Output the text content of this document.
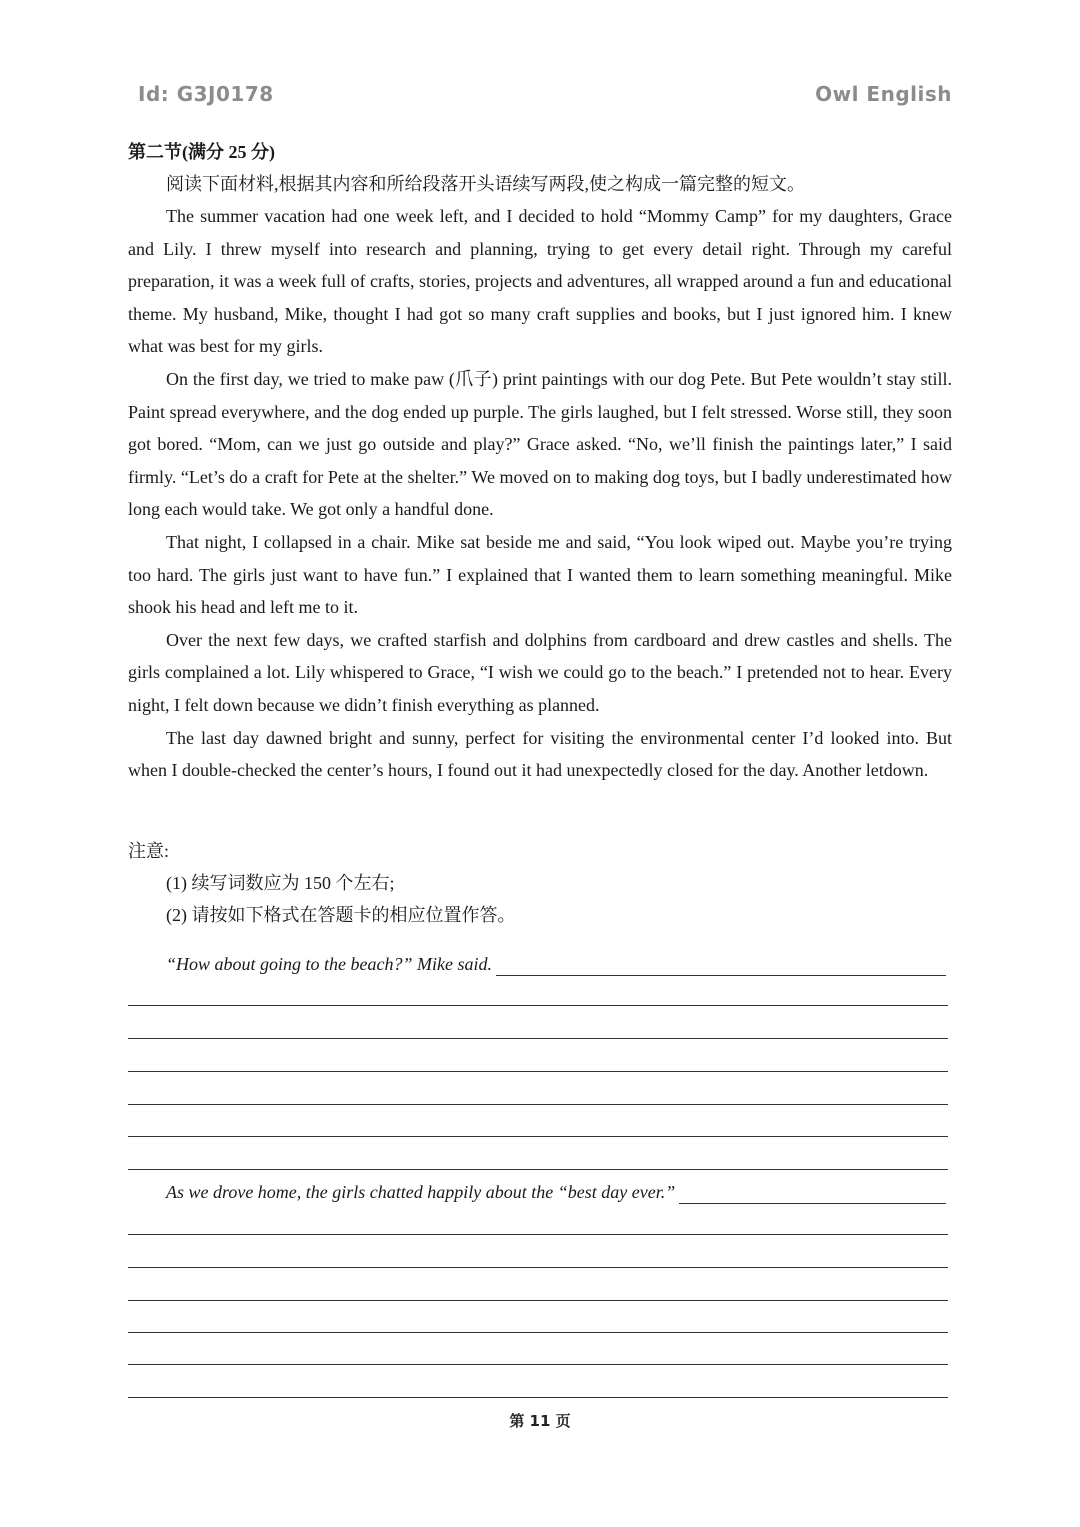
Id: G3J0178	Owl English

第二节(满分 25 分)

阅读下面材料,根据其内容和所给段落开头语续写两段,使之构成一篇完整的短文。

The summer vacation had one week left, and I decided to hold “Mommy Camp” for my daughters, Grace and Lily. I threw myself into research and planning, trying to get every detail right. Through my careful preparation, it was a week full of crafts, stories, projects and adventures, all wrapped around a fun and educational theme. My husband, Mike, thought I had got so many craft supplies and books, but I just ignored him. I knew what was best for my girls.

On the first day, we tried to make paw (爪子) print paintings with our dog Pete. But Pete wouldn’t stay still. Paint spread everywhere, and the dog ended up purple. The girls laughed, but I felt stressed. Worse still, they soon got bored. “Mom, can we just go outside and play?” Grace asked. “No, we’ll finish the paintings later,” I said firmly. “Let’s do a craft for Pete at the shelter.” We moved on to making dog toys, but I badly underestimated how long each would take. We got only a handful done.

That night, I collapsed in a chair. Mike sat beside me and said, “You look wiped out. Maybe you’re trying too hard. The girls just want to have fun.” I explained that I wanted them to learn something meaningful. Mike shook his head and left me to it.

Over the next few days, we crafted starfish and dolphins from cardboard and drew castles and shells. The girls complained a lot. Lily whispered to Grace, “I wish we could go to the beach.” I pretended not to hear. Every night, I felt down because we didn’t finish everything as planned.

The last day dawned bright and sunny, perfect for visiting the environmental center I’d looked into. But when I double-checked the center’s hours, I found out it had unexpectedly closed for the day. Another letdown.

注意:

(1) 续写词数应为 150 个左右;

(2) 请按如下格式在答题卡的相应位置作答。

“How about going to the beach?” Mike said.
As we drove home, the girls chatted happily about the “best day ever.”
第 11 页
